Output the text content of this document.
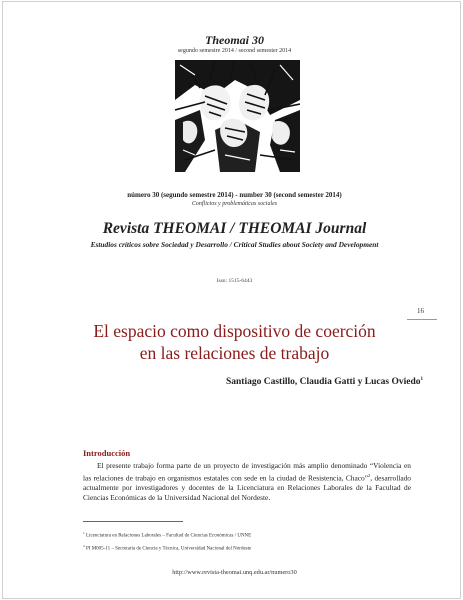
Theomai 30
segundo semestre 2014 / second semester 2014
número 30 (segundo semestre 2014) - number 30 (second semester 2014)
Conflictos y problemáticas sociales
Revista THEOMAI / THEOMAI Journal
Estudios críticos sobre Sociedad y Desarrollo / Critical Studies about Society and Development
Issn: 1515-6443
16
El espacio como dispositivo de coerción
en las relaciones de trabajo
Santiago Castillo, Claudia Gatti y Lucas Oviedo$^1$
Introducción
El presente trabajo forma parte de un proyecto de investigación más amplio denominado “Violencia en las relaciones de trabajo en organismos estatales con sede en la ciudad de Resistencia, Chaco”$^2$, desarrollado actualmente por investigadores y docentes de la Licenciatura en Relaciones Laborales de la Facultad de Ciencias Económicas de la Universidad Nacional del Nordeste.
$^1$ Licenciatura en Relaciones Laborales – Facultad de Ciencias Económicas / UNNE
$^2$ PI M005-11 – Secretaría de Ciencia y Técnica, Universidad Nacional del Nordeste
http://www.revista-theomai.unq.edu.ar/numero30
